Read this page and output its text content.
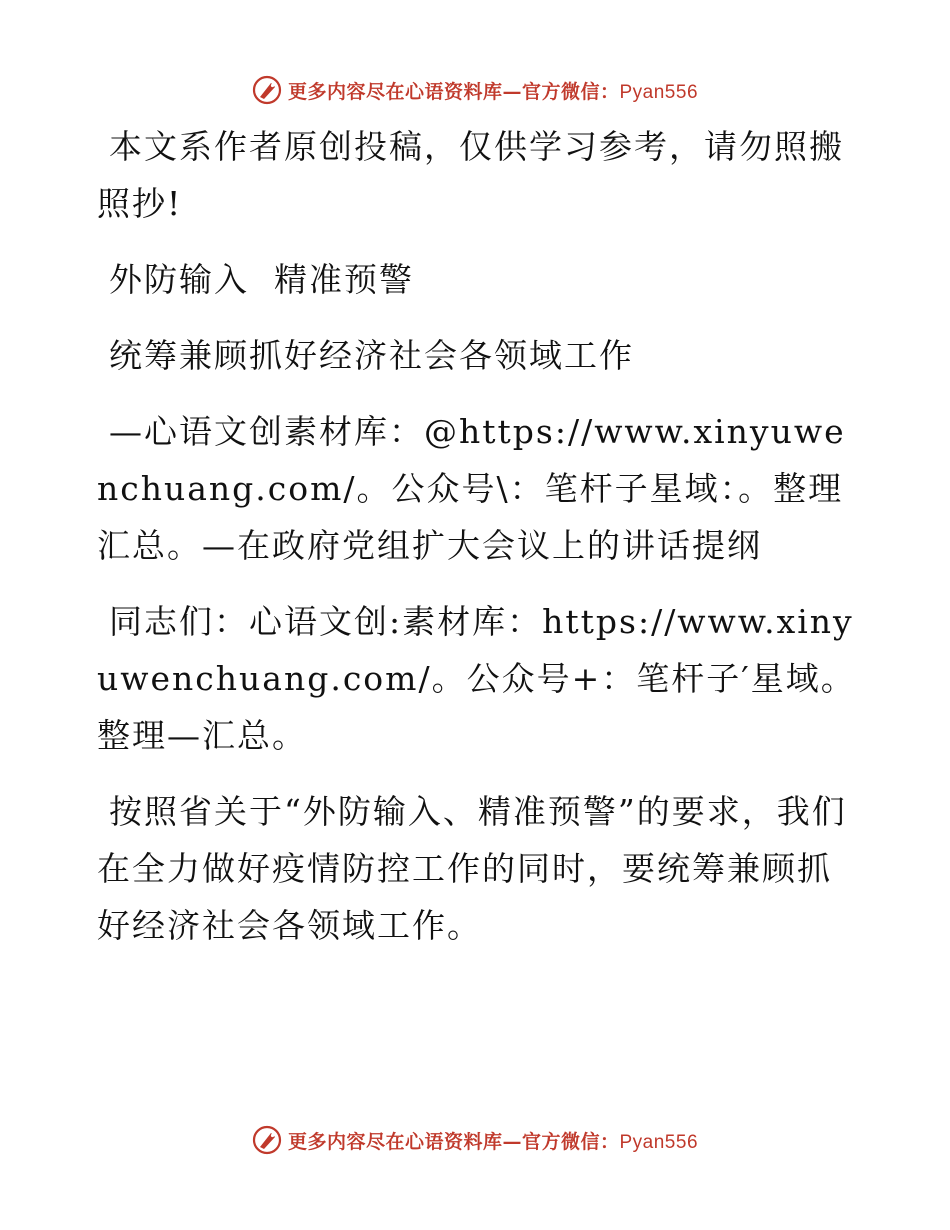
更多内容尽在心语资料库—官方微信：Pyan556

本文系作者原创投稿，仅供学习参考，请勿照搬照抄!

外防输入  精准预警

统筹兼顾抓好经济社会各领域工作

—心语文创素材库：@https://www.xinyuwenchuang.com/。公众号\：笔杆子星域：。整理汇总。—在政府党组扩大会议上的讲话提纲

同志们：心语文创:素材库：https://www.xinyuwenchuang.com/。公众号+：笔杆子′星域。整理—汇总。

按照省关于“外防输入、精准预警”的要求，我们在全力做好疫情防控工作的同时，要统筹兼顾抓好经济社会各领域工作。

更多内容尽在心语资料库—官方微信：Pyan556
